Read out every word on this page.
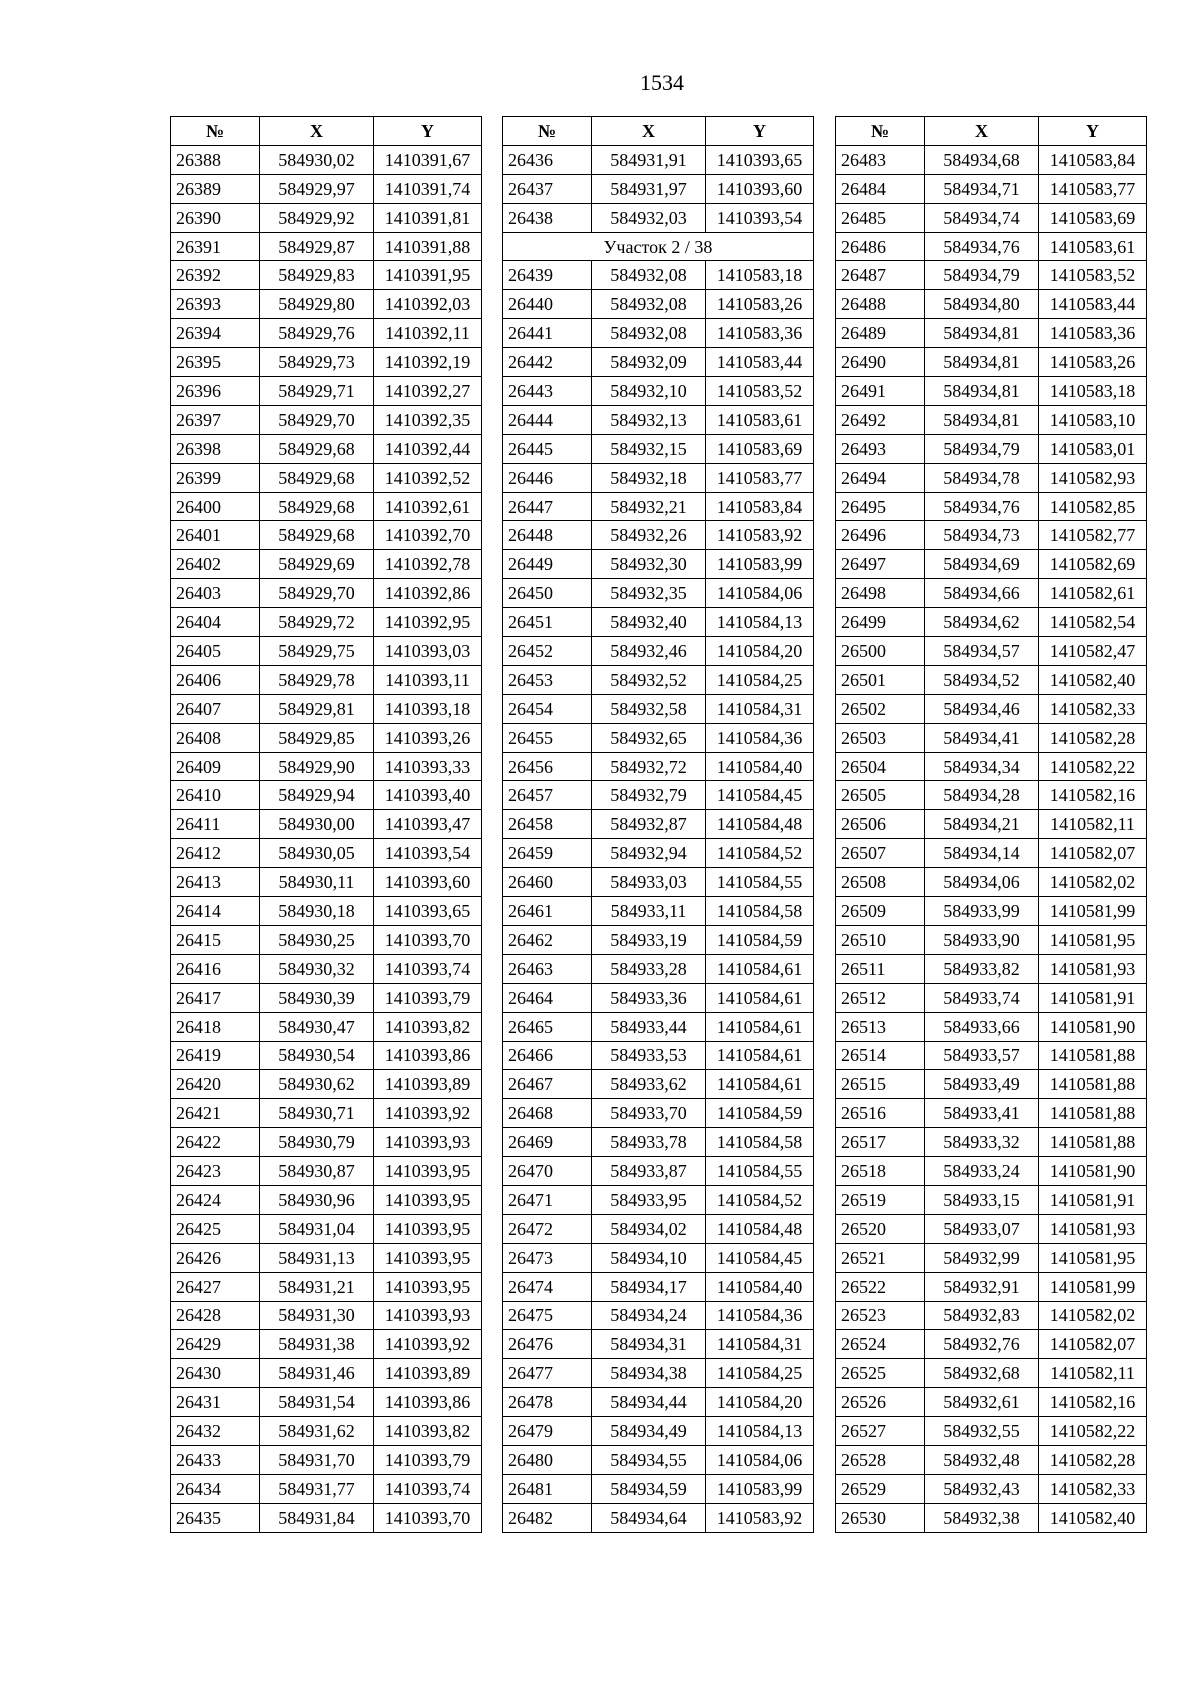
1534
№	X	Y
26388	584930,02	1410391,67
26389	584929,97	1410391,74
26390	584929,92	1410391,81
26391	584929,87	1410391,88
26392	584929,83	1410391,95
26393	584929,80	1410392,03
26394	584929,76	1410392,11
26395	584929,73	1410392,19
26396	584929,71	1410392,27
26397	584929,70	1410392,35
26398	584929,68	1410392,44
26399	584929,68	1410392,52
26400	584929,68	1410392,61
26401	584929,68	1410392,70
26402	584929,69	1410392,78
26403	584929,70	1410392,86
26404	584929,72	1410392,95
26405	584929,75	1410393,03
26406	584929,78	1410393,11
26407	584929,81	1410393,18
26408	584929,85	1410393,26
26409	584929,90	1410393,33
26410	584929,94	1410393,40
26411	584930,00	1410393,47
26412	584930,05	1410393,54
26413	584930,11	1410393,60
26414	584930,18	1410393,65
26415	584930,25	1410393,70
26416	584930,32	1410393,74
26417	584930,39	1410393,79
26418	584930,47	1410393,82
26419	584930,54	1410393,86
26420	584930,62	1410393,89
26421	584930,71	1410393,92
26422	584930,79	1410393,93
26423	584930,87	1410393,95
26424	584930,96	1410393,95
26425	584931,04	1410393,95
26426	584931,13	1410393,95
26427	584931,21	1410393,95
26428	584931,30	1410393,93
26429	584931,38	1410393,92
26430	584931,46	1410393,89
26431	584931,54	1410393,86
26432	584931,62	1410393,82
26433	584931,70	1410393,79
26434	584931,77	1410393,74
26435	584931,84	1410393,70
№	X	Y
26436	584931,91	1410393,65
26437	584931,97	1410393,60
26438	584932,03	1410393,54
Участок 2 / 38		
26439	584932,08	1410583,18
26440	584932,08	1410583,26
26441	584932,08	1410583,36
26442	584932,09	1410583,44
26443	584932,10	1410583,52
26444	584932,13	1410583,61
26445	584932,15	1410583,69
26446	584932,18	1410583,77
26447	584932,21	1410583,84
26448	584932,26	1410583,92
26449	584932,30	1410583,99
26450	584932,35	1410584,06
26451	584932,40	1410584,13
26452	584932,46	1410584,20
26453	584932,52	1410584,25
26454	584932,58	1410584,31
26455	584932,65	1410584,36
26456	584932,72	1410584,40
26457	584932,79	1410584,45
26458	584932,87	1410584,48
26459	584932,94	1410584,52
26460	584933,03	1410584,55
26461	584933,11	1410584,58
26462	584933,19	1410584,59
26463	584933,28	1410584,61
26464	584933,36	1410584,61
26465	584933,44	1410584,61
26466	584933,53	1410584,61
26467	584933,62	1410584,61
26468	584933,70	1410584,59
26469	584933,78	1410584,58
26470	584933,87	1410584,55
26471	584933,95	1410584,52
26472	584934,02	1410584,48
26473	584934,10	1410584,45
26474	584934,17	1410584,40
26475	584934,24	1410584,36
26476	584934,31	1410584,31
26477	584934,38	1410584,25
26478	584934,44	1410584,20
26479	584934,49	1410584,13
26480	584934,55	1410584,06
26481	584934,59	1410583,99
26482	584934,64	1410583,92
№	X	Y
26483	584934,68	1410583,84
26484	584934,71	1410583,77
26485	584934,74	1410583,69
26486	584934,76	1410583,61
26487	584934,79	1410583,52
26488	584934,80	1410583,44
26489	584934,81	1410583,36
26490	584934,81	1410583,26
26491	584934,81	1410583,18
26492	584934,81	1410583,10
26493	584934,79	1410583,01
26494	584934,78	1410582,93
26495	584934,76	1410582,85
26496	584934,73	1410582,77
26497	584934,69	1410582,69
26498	584934,66	1410582,61
26499	584934,62	1410582,54
26500	584934,57	1410582,47
26501	584934,52	1410582,40
26502	584934,46	1410582,33
26503	584934,41	1410582,28
26504	584934,34	1410582,22
26505	584934,28	1410582,16
26506	584934,21	1410582,11
26507	584934,14	1410582,07
26508	584934,06	1410582,02
26509	584933,99	1410581,99
26510	584933,90	1410581,95
26511	584933,82	1410581,93
26512	584933,74	1410581,91
26513	584933,66	1410581,90
26514	584933,57	1410581,88
26515	584933,49	1410581,88
26516	584933,41	1410581,88
26517	584933,32	1410581,88
26518	584933,24	1410581,90
26519	584933,15	1410581,91
26520	584933,07	1410581,93
26521	584932,99	1410581,95
26522	584932,91	1410581,99
26523	584932,83	1410582,02
26524	584932,76	1410582,07
26525	584932,68	1410582,11
26526	584932,61	1410582,16
26527	584932,55	1410582,22
26528	584932,48	1410582,28
26529	584932,43	1410582,33
26530	584932,38	1410582,40
